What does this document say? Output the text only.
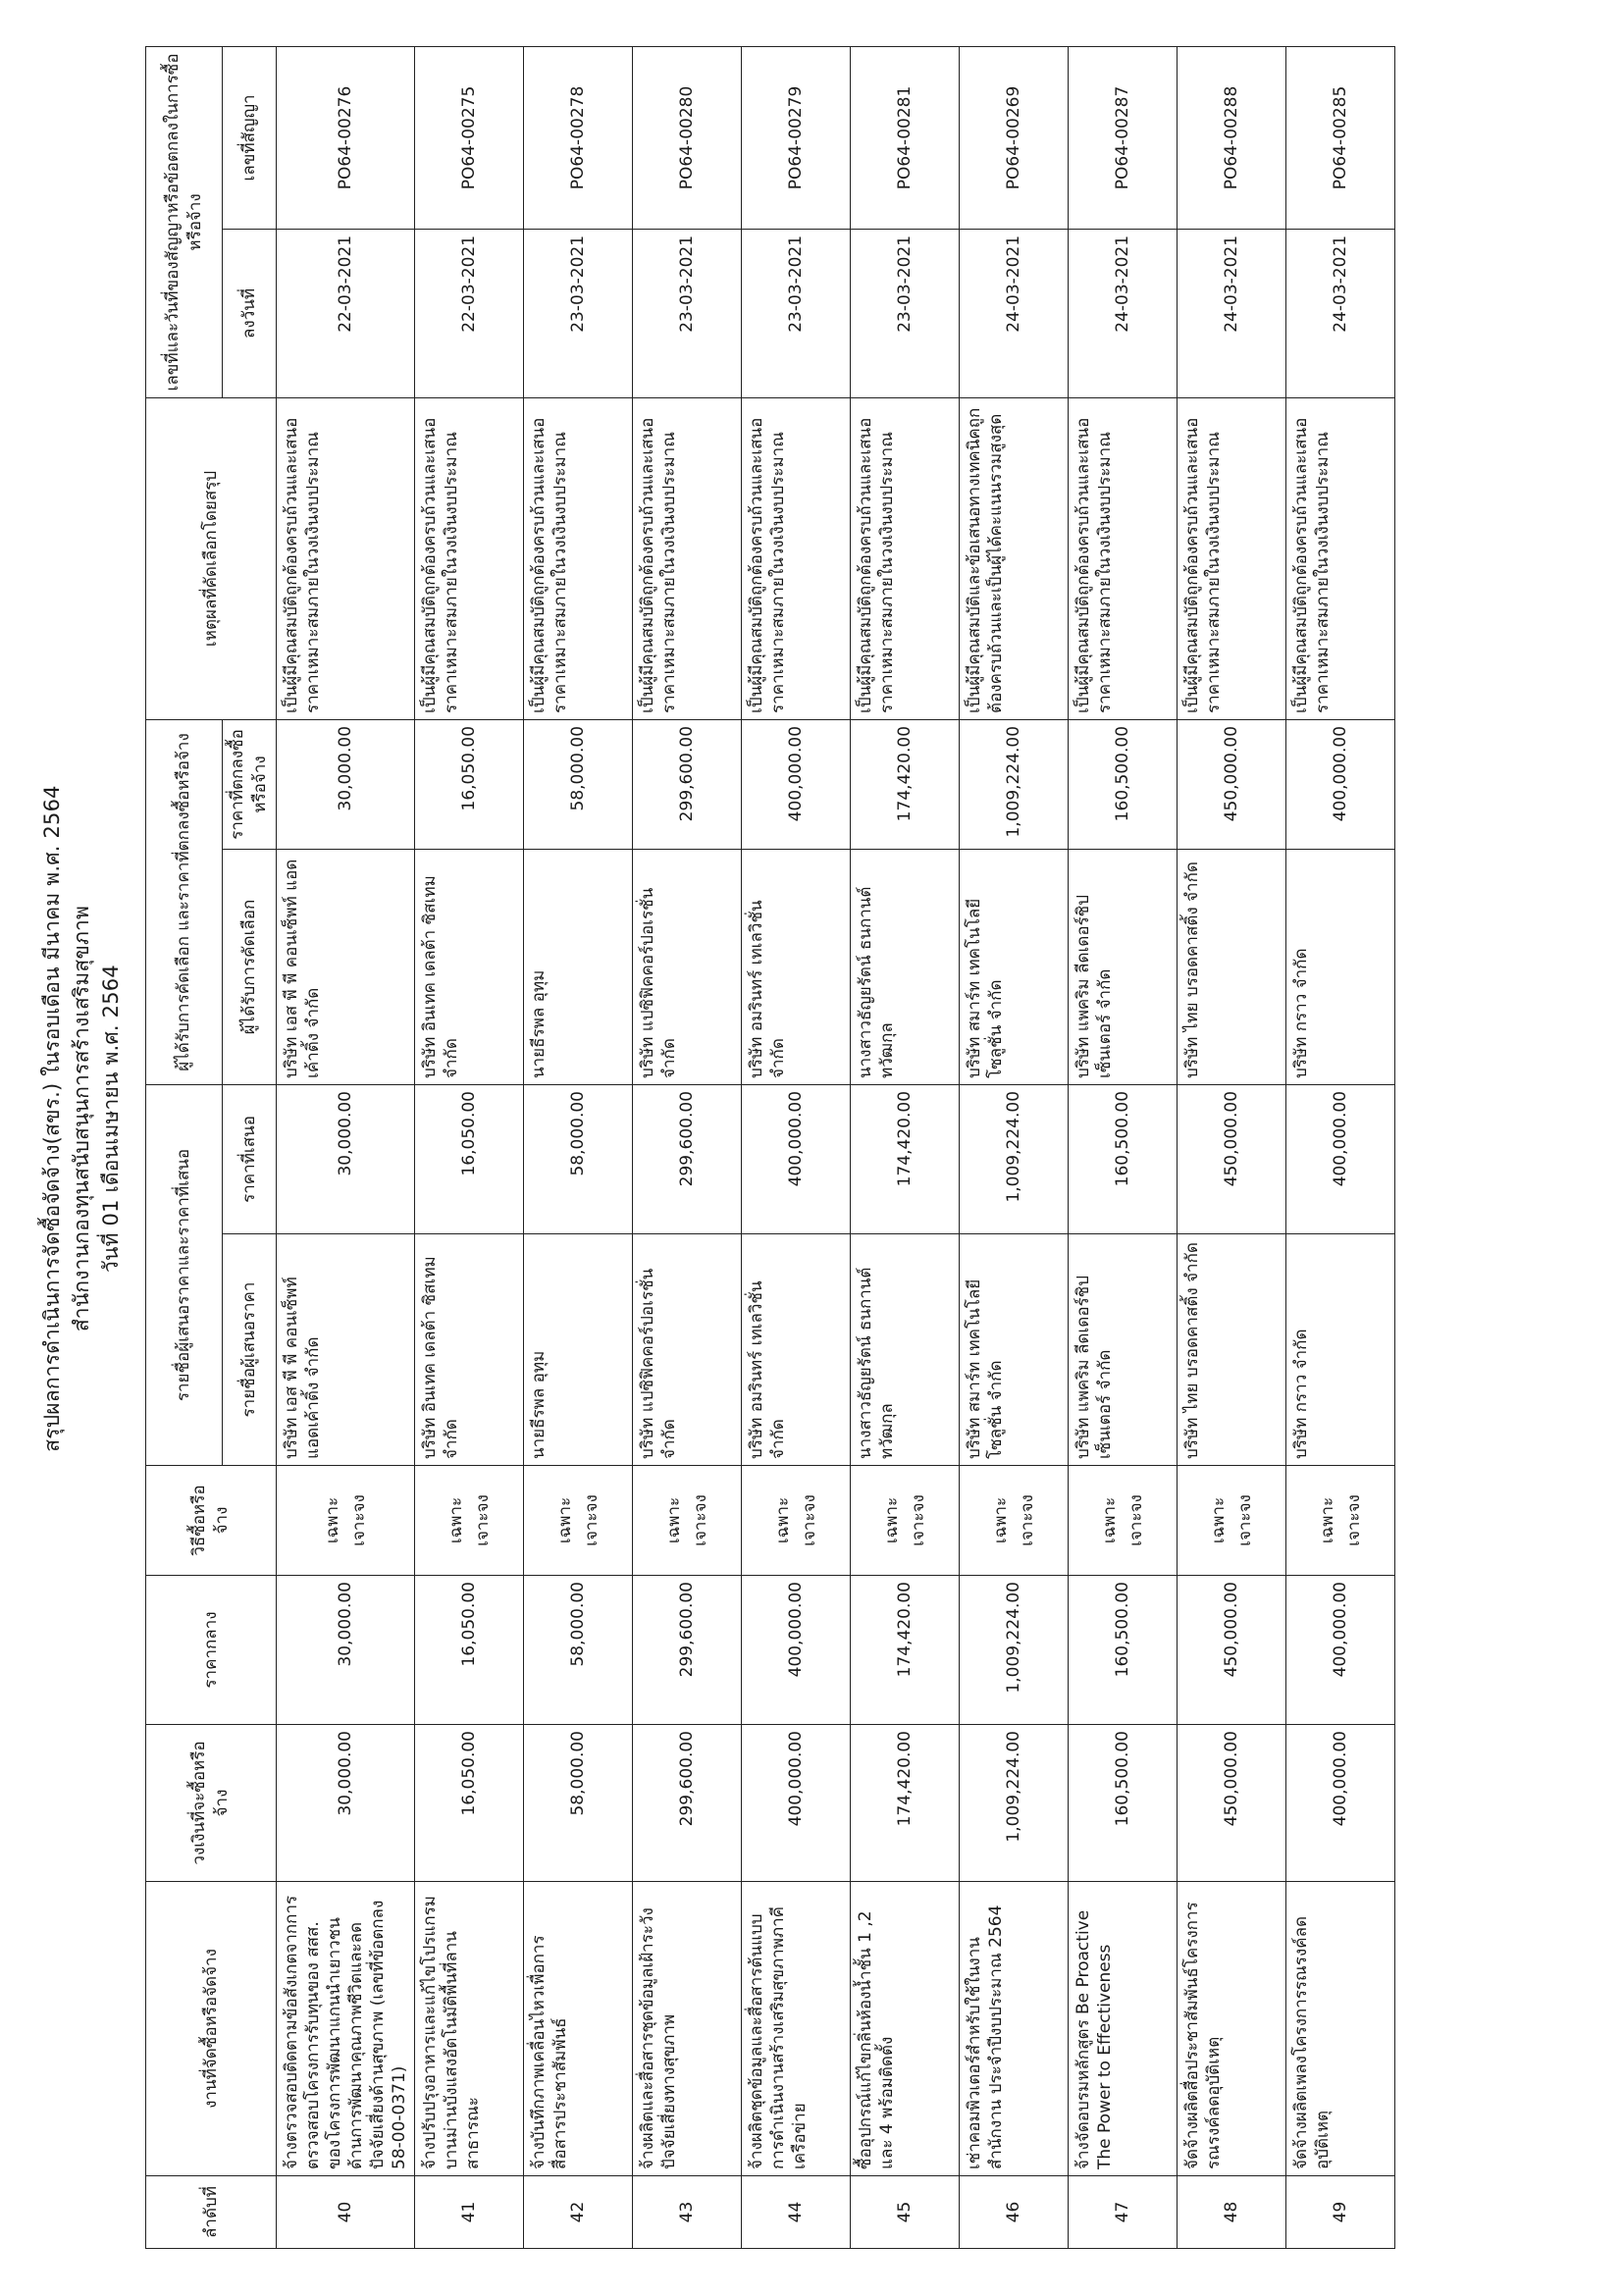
สรุปผลการดำเนินการจัดซื้อจัดจ้าง(สขร.) ในรอบเดือน มีนาคม พ.ศ. 2564 สำนักงานกองทุนสนับสนุนการสร้างเสริมสุขภาพ วันที่ 01 เดือนเมษายน พ.ศ. 2564
ลำดับที่	งานที่จัดซื้อหรือจัดจ้าง	วงเงินที่จะซื้อหรือจ้าง	ราคากลาง	วิธีซื้อหรือจ้าง	รายชื่อผู้เสนอราคาและราคาที่เสนอ		ผู้ได้รับการคัดเลือก และราคาที่ตกลงซื้อหรือจ้าง		เหตุผลที่คัดเลือกโดยสรุป	เลขที่และวันที่ของสัญญาหรือข้อตกลงในการซื้อหรือจ้าง	
					รายชื่อผู้เสนอราคา	ราคาที่เสนอ	ผู้ได้รับการคัดเลือก	ราคาที่ตกลงซื้อ หรือจ้าง		ลงวันที่	เลขที่สัญญา
40	จ้างตรวจสอบติดตามข้อสังเกตจากการตรวจสอบโครงการรับทุนของ สสส. ของโครงการพัฒนาแกนนำเยาวชนด้านการพัฒนาคุณภาพชีวิตและลดปัจจัยเสี่ยงด้านสุขภาพ (เลขที่ข้อตกลง 58-00-0371)	30,000.00	30,000.00	เฉพาะเจาะจง	บริษัท เอส พี พี คอนเซ็พท์ แอดเค้าติ้ง จำกัด	30,000.00	บริษัท เอส พี พี คอนเซ็พท์ แอดเค้าติ้ง จำกัด	30,000.00	เป็นผู้มีคุณสมบัติถูกต้องครบถ้วนและเสนอราคาเหมาะสมภายในวงเงินงบประมาณ	22-03-2021	PO64-00276
41	จ้างปรับปรุงอาหารและแก้ไขโปรแกรมบานม่านบังแสงอัตโนมัติพื้นที่ลานสาธารณะ	16,050.00	16,050.00	เฉพาะเจาะจง	บริษัท อินเทค เดลต้า ซิสเทม จำกัด	16,050.00	บริษัท อินเทค เดลต้า ซิสเทม จำกัด	16,050.00	เป็นผู้มีคุณสมบัติถูกต้องครบถ้วนและเสนอราคาเหมาะสมภายในวงเงินงบประมาณ	22-03-2021	PO64-00275
42	จ้างบันทึกภาพเคลื่อนไหวเพื่อการสื่อสารประชาสัมพันธ์	58,000.00	58,000.00	เฉพาะเจาะจง	นายธีรพล อุทุม	58,000.00	นายธีรพล อุทุม	58,000.00	เป็นผู้มีคุณสมบัติถูกต้องครบถ้วนและเสนอราคาเหมาะสมภายในวงเงินงบประมาณ	23-03-2021	PO64-00278
43	จ้างผลิตและสื่อสารชุดข้อมูลเฝ้าระวังปัจจัยเสี่ยงทางสุขภาพ	299,600.00	299,600.00	เฉพาะเจาะจง	บริษัท แปซิฟิคคอร์ปอเรชั่น จำกัด	299,600.00	บริษัท แปซิฟิคคอร์ปอเรชั่น จำกัด	299,600.00	เป็นผู้มีคุณสมบัติถูกต้องครบถ้วนและเสนอราคาเหมาะสมภายในวงเงินงบประมาณ	23-03-2021	PO64-00280
44	จ้างผลิตชุดข้อมูลและสื่อสารต้นแบบการดำเนินงานสร้างเสริมสุขภาพภาคีเครือข่าย	400,000.00	400,000.00	เฉพาะเจาะจง	บริษัท อมรินทร์ เทเลวิชั่น จำกัด	400,000.00	บริษัท อมรินทร์ เทเลวิชั่น จำกัด	400,000.00	เป็นผู้มีคุณสมบัติถูกต้องครบถ้วนและเสนอราคาเหมาะสมภายในวงเงินงบประมาณ	23-03-2021	PO64-00279
45	ซื้ออุปกรณ์แก้ไขกลิ่นห้องน้ำชั้น 1 ,2 และ 4 พร้อมติดตั้ง	174,420.00	174,420.00	เฉพาะเจาะจง	นางสาวธัญยรัตน์ ธนกานต์ทวัฒกุล	174,420.00	นางสาวธัญยรัตน์ ธนกานต์ทวัฒกุล	174,420.00	เป็นผู้มีคุณสมบัติถูกต้องครบถ้วนและเสนอราคาเหมาะสมภายในวงเงินงบประมาณ	23-03-2021	PO64-00281
46	เช่าคอมพิวเตอร์สำหรับใช้ในงานสำนักงาน ประจำปีงบประมาณ 2564	1,009,224.00	1,009,224.00	เฉพาะเจาะจง	บริษัท สมาร์ท เทคโนโลยี โซลูชั่น จำกัด	1,009,224.00	บริษัท สมาร์ท เทคโนโลยี โซลูชั่น จำกัด	1,009,224.00	เป็นผู้มีคุณสมบัติและข้อเสนอทางเทคนิคถูกต้องครบถ้วนและเป็นผู้ได้คะแนนรวมสูงสุด	24-03-2021	PO64-00269
47	จ้างจัดอบรมหลักสูตร Be Proactive The Power to Effectiveness	160,500.00	160,500.00	เฉพาะเจาะจง	บริษัท แพคริม ลีดเดอร์ชิป เซ็นเตอร์ จำกัด	160,500.00	บริษัท แพคริม ลีดเดอร์ชิป เซ็นเตอร์ จำกัด	160,500.00	เป็นผู้มีคุณสมบัติถูกต้องครบถ้วนและเสนอราคาเหมาะสมภายในวงเงินงบประมาณ	24-03-2021	PO64-00287
48	จัดจ้างผลิตสื่อประชาสัมพันธ์โครงการรณรงค์ลดอุบัติเหตุ	450,000.00	450,000.00	เฉพาะเจาะจง	บริษัท ไทย บรอดคาสติ้ง จำกัด	450,000.00	บริษัท ไทย บรอดคาสติ้ง จำกัด	450,000.00	เป็นผู้มีคุณสมบัติถูกต้องครบถ้วนและเสนอราคาเหมาะสมภายในวงเงินงบประมาณ	24-03-2021	PO64-00288
49	จัดจ้างผลิตเพลงโครงการรณรงค์ลดอุบัติเหตุ	400,000.00	400,000.00	เฉพาะเจาะจง	บริษัท กราว จำกัด	400,000.00	บริษัท กราว จำกัด	400,000.00	เป็นผู้มีคุณสมบัติถูกต้องครบถ้วนและเสนอราคาเหมาะสมภายในวงเงินงบประมาณ	24-03-2021	PO64-00285
